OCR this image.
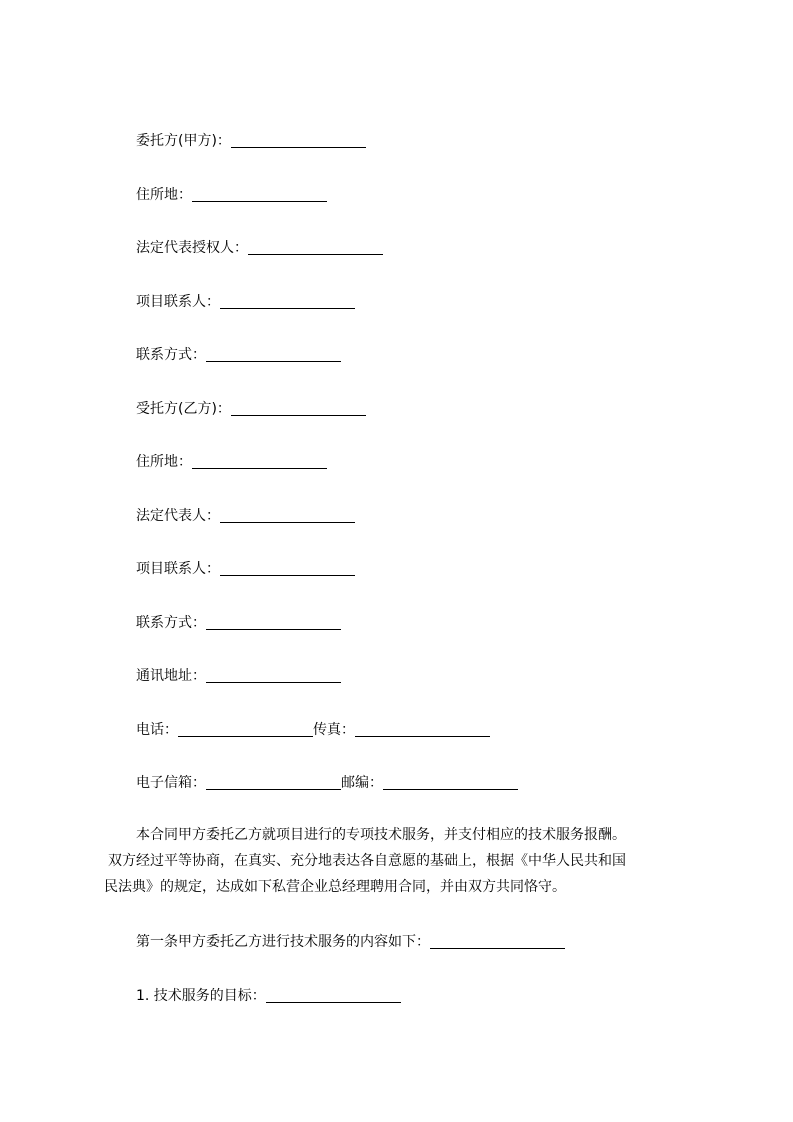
委托方(甲方)：
住所地：
法定代表授权人：
项目联系人：
联系方式：
受托方(乙方)：
住所地：
法定代表人：
项目联系人：
联系方式：
通讯地址：
电话：	传真：
电子信箱：	邮编：
本合同甲方委托乙方就项目进行的专项技术服务，并支付相应的技术服务报酬。
双方经过平等协商，在真实、充分地表达各自意愿的基础上，根据《中华人民共和国
民法典》的规定，达成如下私营企业总经理聘用合同，并由双方共同恪守。
第一条甲方委托乙方进行技术服务的内容如下：
1. 技术服务的目标：
